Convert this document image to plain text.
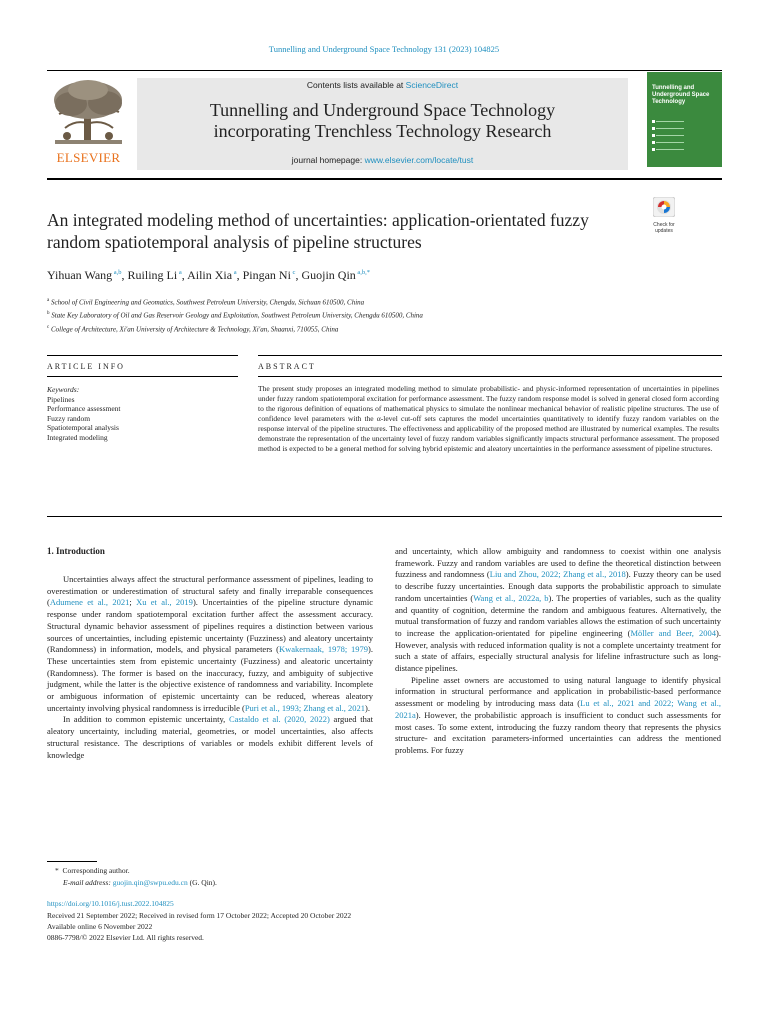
Tunnelling and Underground Space Technology 131 (2023) 104825
ELSEVIER
Contents lists available at ScienceDirect
Tunnelling and Underground Space Technology
incorporating Trenchless Technology Research
journal homepage: www.elsevier.com/locate/tust
Tunnelling and Underground Space Technology
Check for updates
An integrated modeling method of uncertainties: application-orientated fuzzy random spatiotemporal analysis of pipeline structures
Yihuan Wang $^{a,b}$, Ruiling Li $^a$, Ailin Xia $^a$, Pingan Ni $^c$, Guojin Qin $^{a,b,*}$
$^a$ School of Civil Engineering and Geomatics, Southwest Petroleum University, Chengdu, Sichuan 610500, China
$^b$ State Key Laboratory of Oil and Gas Reservoir Geology and Exploitation, Southwest Petroleum University, Chengdu 610500, China
$^c$ College of Architecture, Xi'an University of Architecture & Technology, Xi'an, Shaanxi, 710055, China
ARTICLE INFO	ABSTRACT
Keywords:
Pipelines
Performance assessment
Fuzzy random
Spatiotemporal analysis
Integrated modeling
The present study proposes an integrated modeling method to simulate probabilistic- and physic-informed representation of uncertainties in pipelines under fuzzy random spatiotemporal excitation for performance assessment. The fuzzy random response model is solved in general closed form according to the rigorous definition of equations of mathematical physics to simulate the nonlinear mechanical behavior of realistic pipeline structures. The use of confidence level parameters with the α-level cut-off sets captures the model uncertainties quantitatively to identify fuzzy random variables on the response interval of the pipeline structures. The effectiveness and applicability of the proposed method are illustrated by numerical examples. The results demonstrate the representation of the uncertainty level of fuzzy random variables significantly impacts structural performance assessment. The proposed method is expected to be a general method for solving hybrid epistemic and aleatory uncertainties in the performance assessment of pipeline structures.
1. Introduction

Uncertainties always affect the structural performance assessment of pipelines, leading to overestimation or underestimation of structural safety and finally irreparable consequences (Adumene et al., 2021; Xu et al., 2019). Uncertainties of the pipeline structure dynamic response under random spatiotemporal excitation further affect the assessment accuracy. Structural dynamic behavior assessment of pipelines requires a distinction between various sources of uncertainties, including epistemic uncertainty (Fuzziness) and aleatory uncertainty (Randomness) in information, models, and physical parameters (Kwakernaak, 1978; 1979). These uncertainties stem from epistemic uncertainty (Fuzziness) and aleatoric uncertainty (Randomness). The former is based on the inaccuracy, fuzzy, and ambiguity of subjective judgment, while the latter is the objective existence of randomness and variability. Incomplete or ambiguous information of epistemic uncertainty can be reduced, whereas aleatory uncertainty involving physical randomness is irreducible (Puri et al., 1993; Zhang et al., 2021).

In addition to common epistemic uncertainty, Castaldo et al. (2020, 2022) argued that aleatory uncertainty, including material, geometries, or model uncertainties, also affects structural resistance. The descriptions of variables or models exhibit different levels of knowledge

and uncertainty, which allow ambiguity and randomness to coexist within one analysis framework. Fuzzy and random variables are used to define the theoretical distinction between fuzziness and randomness (Liu and Zhou, 2022; Zhang et al., 2018). Fuzzy theory can be used to describe fuzzy uncertainties. Enough data supports the probabilistic approach to simulate random uncertainties (Wang et al., 2022a, b). The properties of variables, such as the quality and quantity of cognition, determine the random and ambiguous features. Alternatively, the mutual transformation of fuzzy and random variables allows the estimation of such uncertainty to increase the application-orientated for pipeline engineering (Möller and Beer, 2004). However, analysis with reduced information quality is not a complete uncertainty treatment for such a state of affairs, especially structural analysis for lifeline infrastructure such as long-distance pipelines.

Pipeline asset owners are accustomed to using natural language to identify physical information in structural performance and application in probabilistic-based performance assessment or modeling by introducing mass data (Lu et al., 2021 and 2022; Wang et al., 2021a). However, the probabilistic approach is insufficient to conduct such assessments for most cases. To some extent, introducing the fuzzy random theory that represents the physics structure- and excitation parameters-informed uncertainties can address the mentioned problems. For fuzzy

* Corresponding author.
E-mail address: guojin.qin@swpu.edu.cn (G. Qin).
https://doi.org/10.1016/j.tust.2022.104825
Received 21 September 2022; Received in revised form 17 October 2022; Accepted 20 October 2022
Available online 6 November 2022
0886-7798/© 2022 Elsevier Ltd. All rights reserved.
